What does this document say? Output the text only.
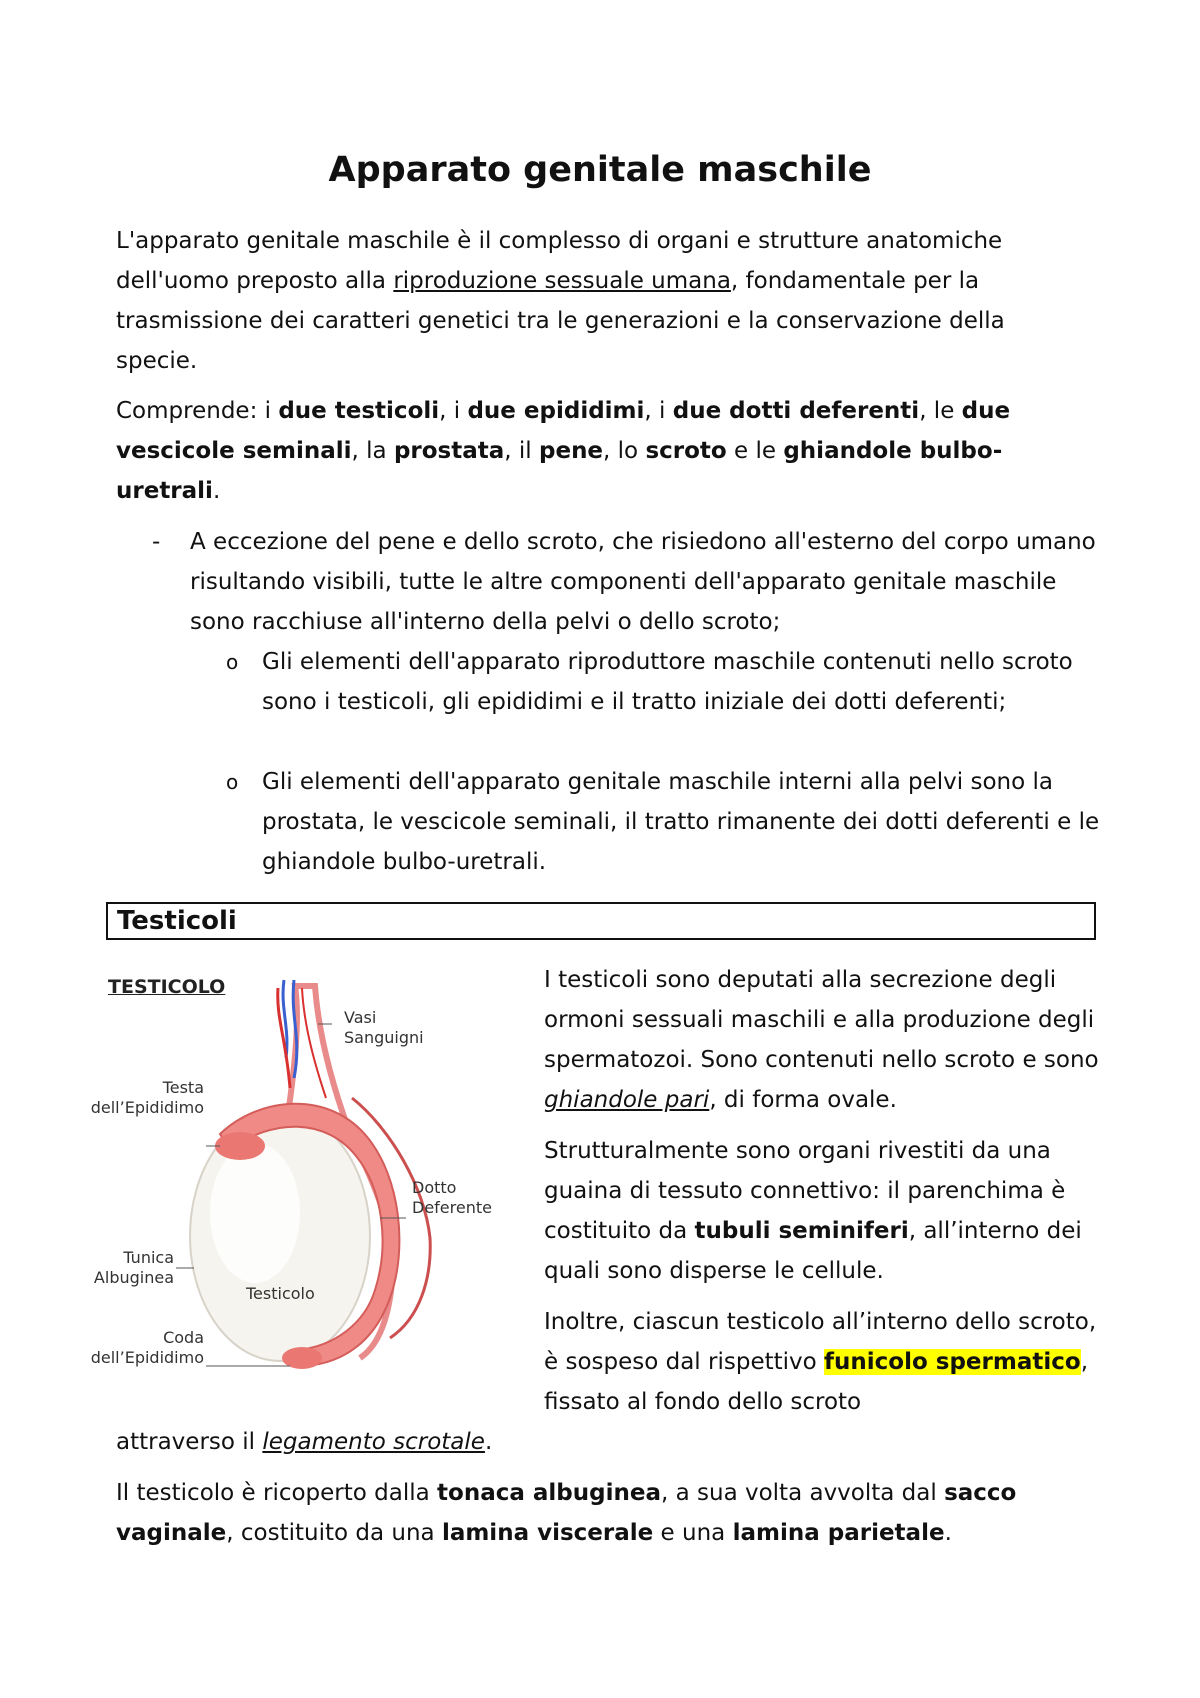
Apparato genitale maschile

L'apparato genitale maschile è il complesso di organi e strutture anatomiche dell'uomo preposto alla riproduzione sessuale umana, fondamentale per la trasmissione dei caratteri genetici tra le generazioni e la conservazione della specie.

Comprende: i due testicoli, i due epididimi, i due dotti deferenti, le due vescicole seminali, la prostata, il pene, lo scroto e le ghiandole bulbo-uretrali.

- A eccezione del pene e dello scroto, che risiedono all'esterno del corpo umano risultando visibili, tutte le altre componenti dell'apparato genitale maschile sono racchiuse all'interno della pelvi o dello scroto;
o Gli elementi dell'apparato riproduttore maschile contenuti nello scroto sono i testicoli, gli epididimi e il tratto iniziale dei dotti deferenti;
o Gli elementi dell'apparato genitale maschile interni alla pelvi sono la prostata, le vescicole seminali, il tratto rimanente dei dotti deferenti e le ghiandole bulbo-uretrali.
Testicoli
TESTICOLO
Vasi
Sanguigni
Testa
dell’Epididimo
Dotto
Deferente
Tunica
Albuginea
Testicolo
Coda
dell’Epididimo

I testicoli sono deputati alla secrezione degli ormoni sessuali maschili e alla produzione degli spermatozoi. Sono contenuti nello scroto e sono ghiandole pari, di forma ovale.

Strutturalmente sono organi rivestiti da una guaina di tessuto connettivo: il parenchima è costituito da tubuli seminiferi, all’interno dei quali sono disperse le cellule.

Inoltre, ciascun testicolo all’interno dello scroto, è sospeso dal rispettivo funicolo spermatico, fissato al fondo dello scroto

attraverso il legamento scrotale.

Il testicolo è ricoperto dalla tonaca albuginea, a sua volta avvolta dal sacco vaginale, costituito da una lamina viscerale e una lamina parietale.
